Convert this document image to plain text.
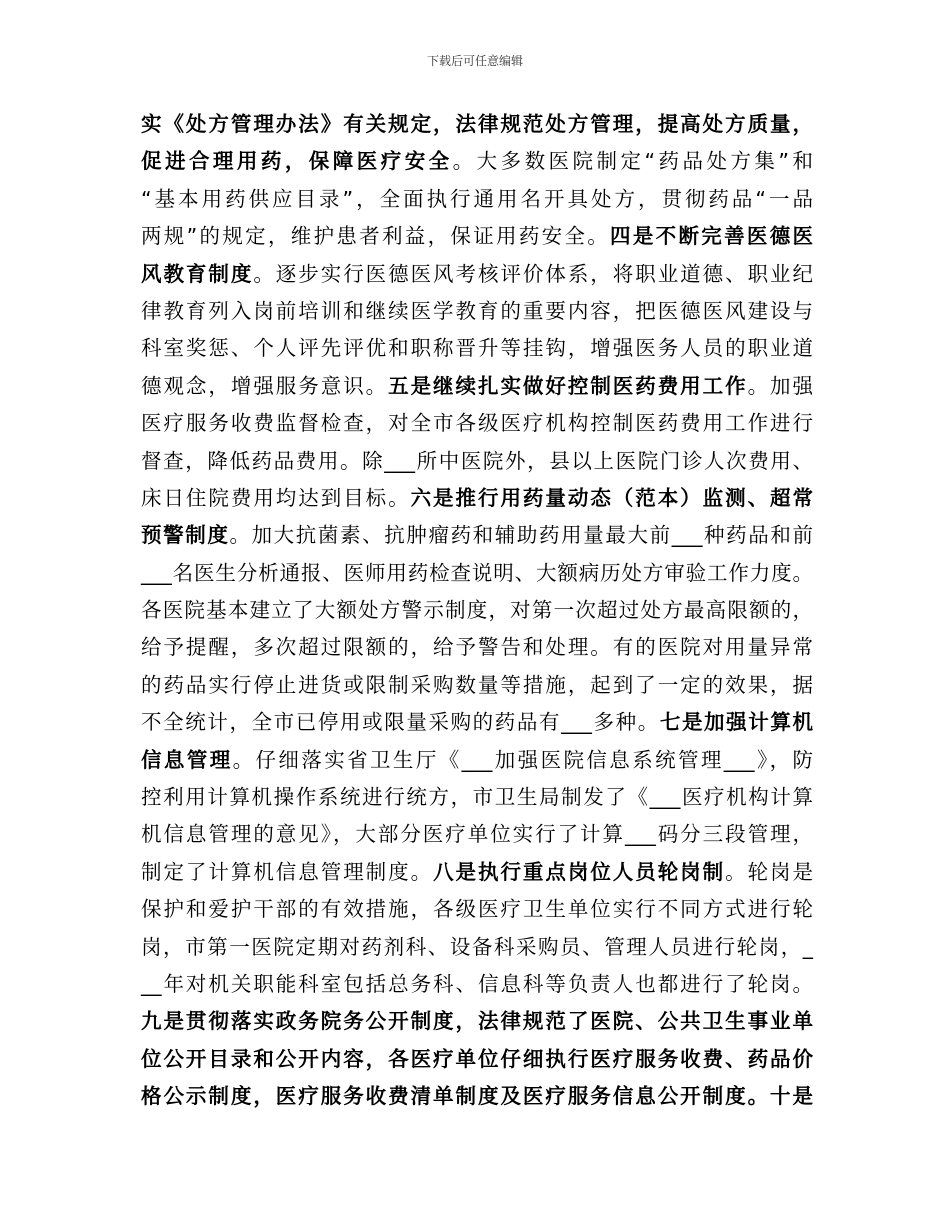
下载后可任意编辑
实《处方管理办法》有关规定，法律规范处方管理，提高处方质量，
促进合理用药，保障医疗安全。大多数医院制定“药品处方集”和
“基本用药供应目录”，全面执行通用名开具处方，贯彻药品“一品
两规”的规定，维护患者利益，保证用药安全。四是不断完善医德医
风教育制度。逐步实行医德医风考核评价体系，将职业道德、职业纪
律教育列入岗前培训和继续医学教育的重要内容，把医德医风建设与
科室奖惩、个人评先评优和职称晋升等挂钩，增强医务人员的职业道
德观念，增强服务意识。五是继续扎实做好控制医药费用工作。加强
医疗服务收费监督检查，对全市各级医疗机构控制医药费用工作进行
督查，降低药品费用。除___所中医院外，县以上医院门诊人次费用、
床日住院费用均达到目标。六是推行用药量动态（范本）监测、超常
预警制度。加大抗菌素、抗肿瘤药和辅助药用量最大前___种药品和前
___名医生分析通报、医师用药检查说明、大额病历处方审验工作力度。
各医院基本建立了大额处方警示制度，对第一次超过处方最高限额的，
给予提醒，多次超过限额的，给予警告和处理。有的医院对用量异常
的药品实行停止进货或限制采购数量等措施，起到了一定的效果，据
不全统计，全市已停用或限量采购的药品有___多种。七是加强计算机
信息管理。仔细落实省卫生厅《___加强医院信息系统管理___》，防
控利用计算机操作系统进行统方，市卫生局制发了《___医疗机构计算
机信息管理的意见》，大部分医疗单位实行了计算___码分三段管理，
制定了计算机信息管理制度。八是执行重点岗位人员轮岗制。轮岗是
保护和爱护干部的有效措施，各级医疗卫生单位实行不同方式进行轮
岗，市第一医院定期对药剂科、设备科采购员、管理人员进行轮岗，_
__年对机关职能科室包括总务科、信息科等负责人也都进行了轮岗。
九是贯彻落实政务院务公开制度，法律规范了医院、公共卫生事业单
位公开目录和公开内容，各医疗单位仔细执行医疗服务收费、药品价
格公示制度，医疗服务收费清单制度及医疗服务信息公开制度。十是
